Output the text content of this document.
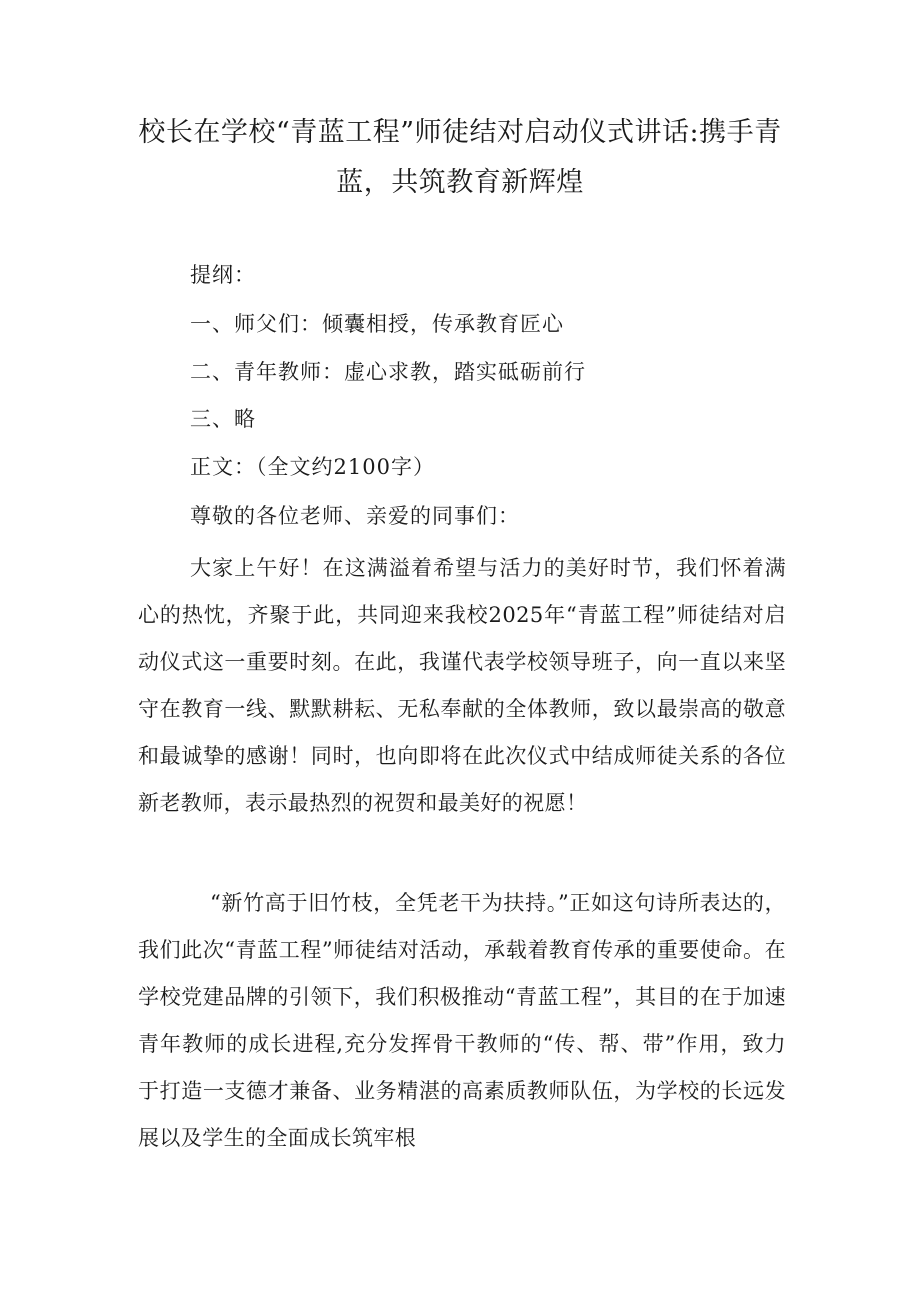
校长在学校“青蓝工程”师徒结对启动仪式讲话:携手青蓝，共筑教育新辉煌
提纲：
一、师父们：倾囊相授，传承教育匠心
二、青年教师：虚心求教，踏实砥砺前行
三、略
正文：（全文约2100字）
尊敬的各位老师、亲爱的同事们：
大家上午好！在这满溢着希望与活力的美好时节，我们怀着满心的热忱，齐聚于此，共同迎来我校2025年“青蓝工程”师徒结对启动仪式这一重要时刻。在此，我谨代表学校领导班子，向一直以来坚守在教育一线、默默耕耘、无私奉献的全体教师，致以最崇高的敬意和最诚挚的感谢！同时，也向即将在此次仪式中结成师徒关系的各位新老教师，表示最热烈的祝贺和最美好的祝愿！
“新竹高于旧竹枝，全凭老干为扶持。”正如这句诗所表达的，我们此次“青蓝工程”师徒结对活动，承载着教育传承的重要使命。在学校党建品牌的引领下，我们积极推动“青蓝工程”，其目的在于加速青年教师的成长进程,充分发挥骨干教师的“传、帮、带”作用，致力于打造一支德才兼备、业务精湛的高素质教师队伍，为学校的长远发展以及学生的全面成长筑牢根
